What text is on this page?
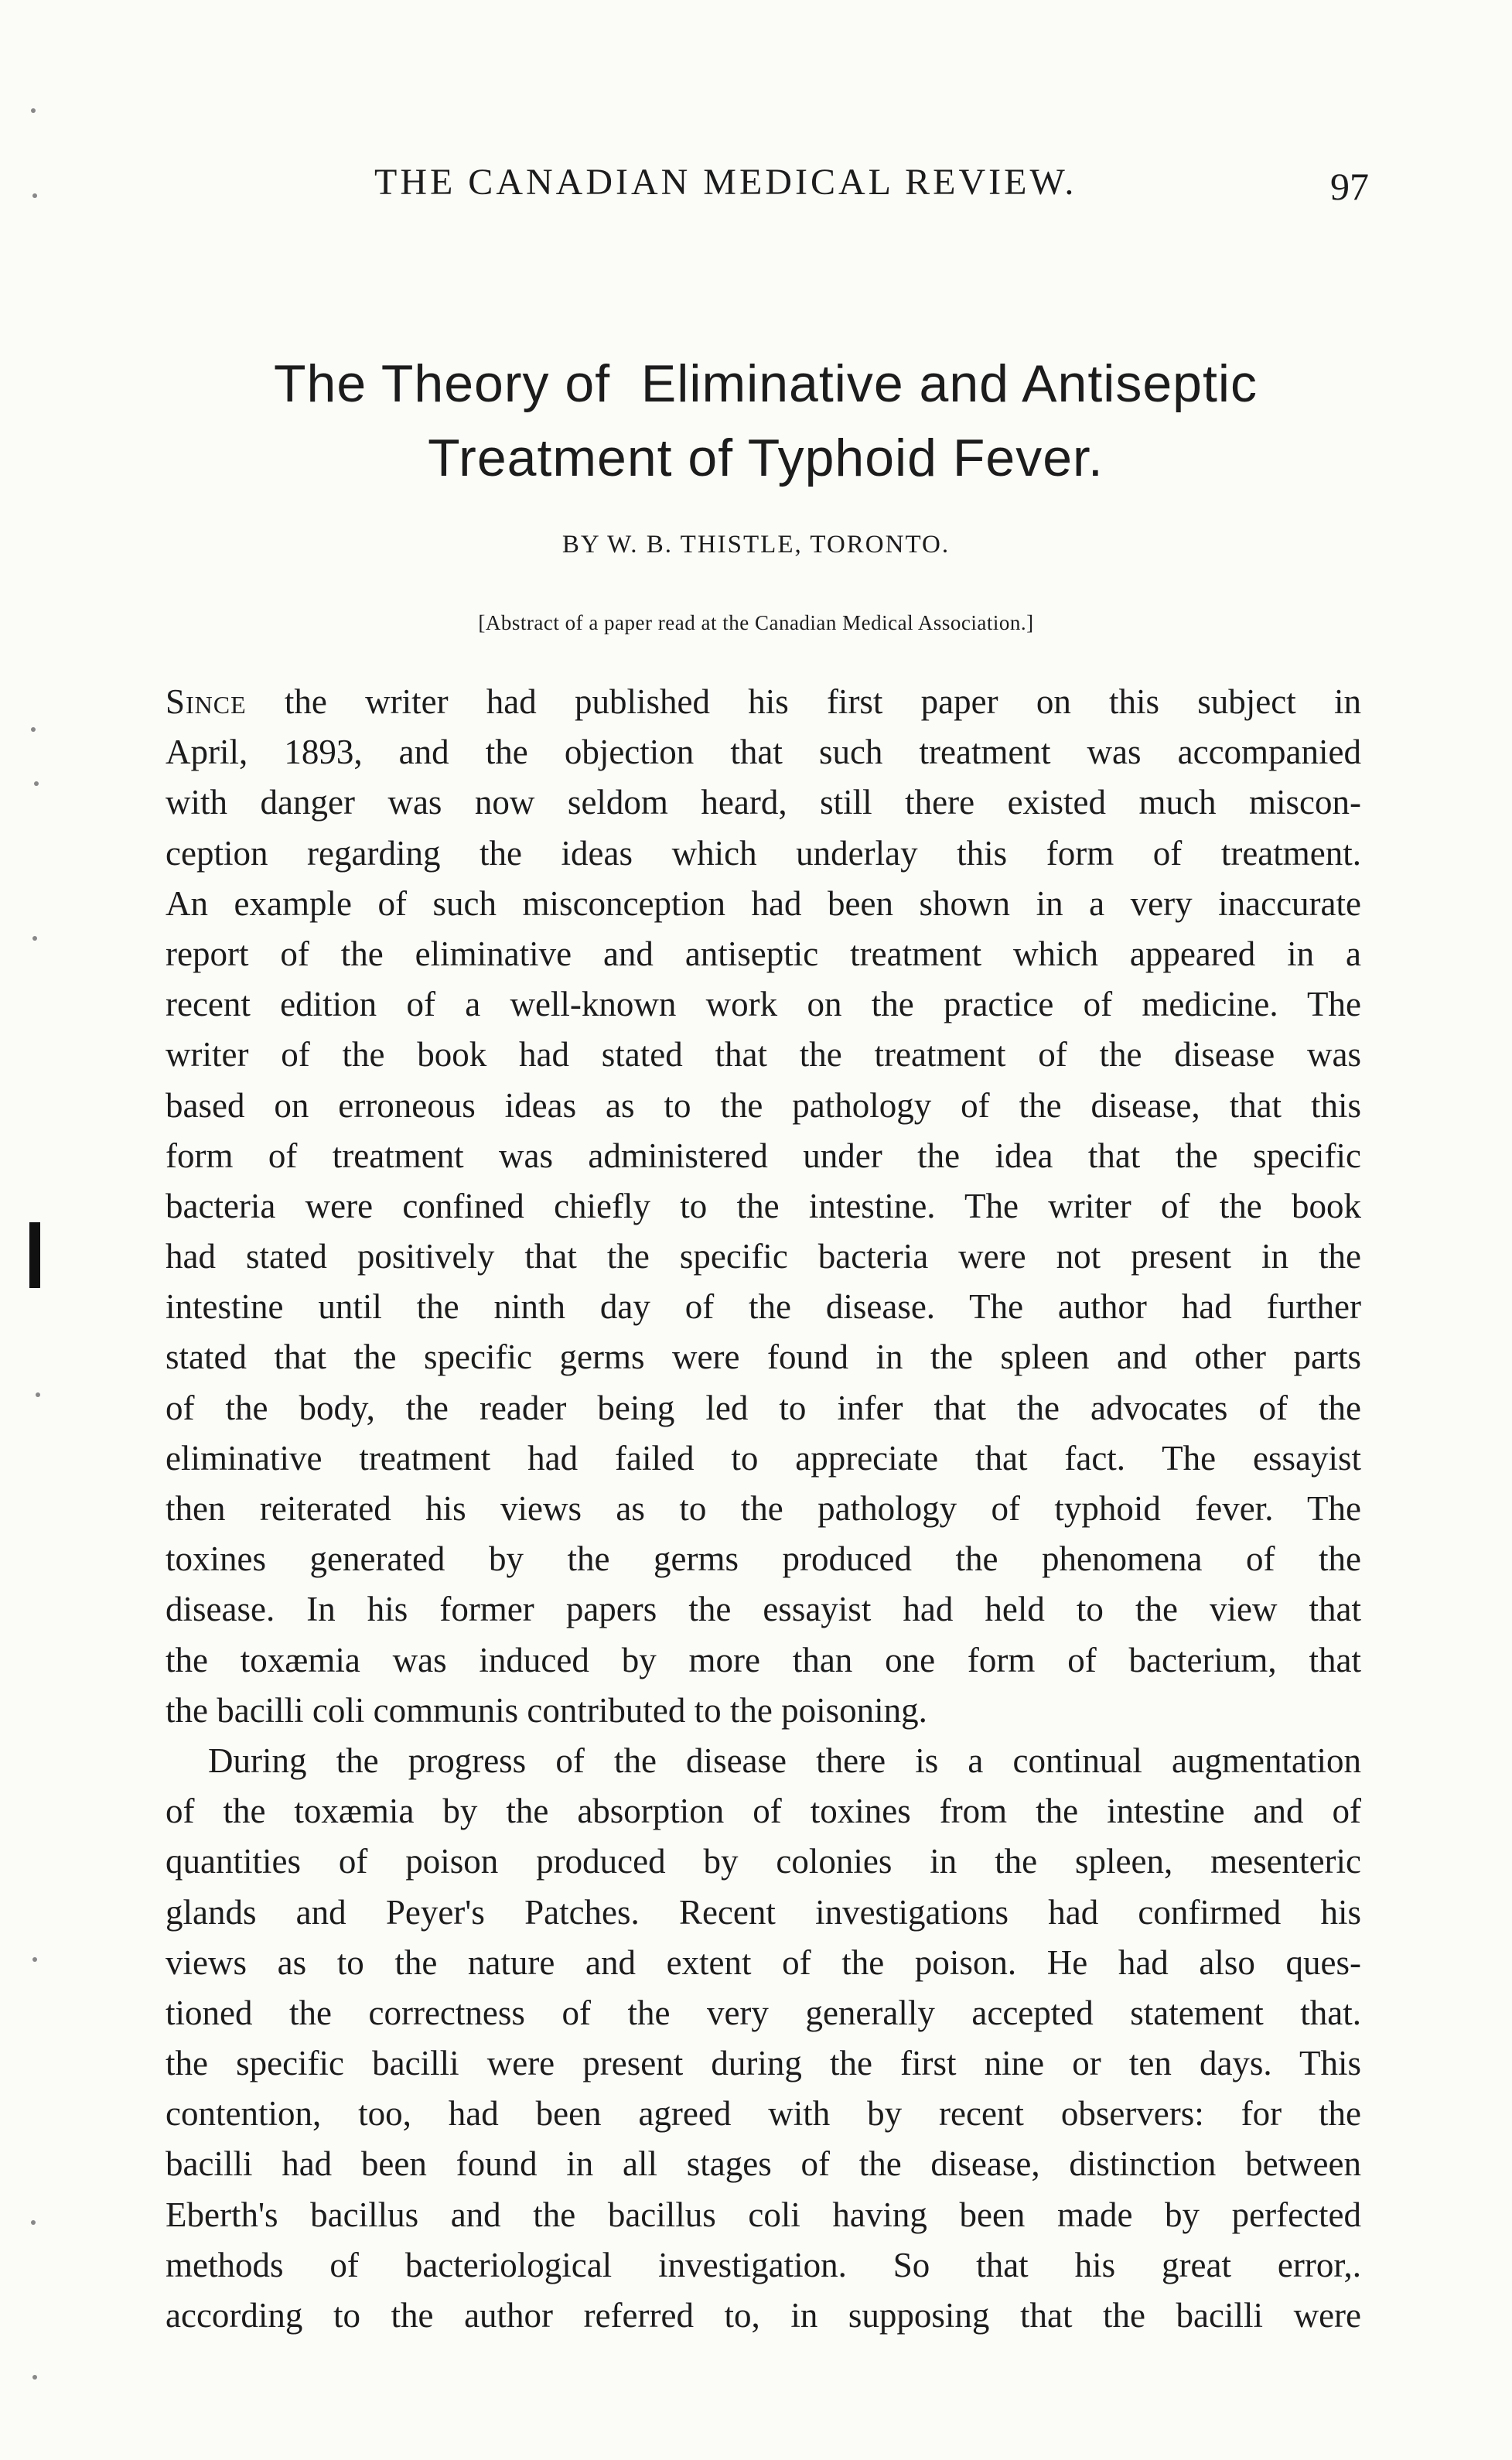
THE CANADIAN MEDICAL REVIEW.	97
The Theory of  Eliminative and Antiseptic
Treatment of Typhoid Fever.
BY W. B. THISTLE, TORONTO.
[Abstract of a paper read at the Canadian Medical Association.]
Since the writer had published his first paper on this subject in
April, 1893, and the objection that such treatment was accompanied
with danger was now seldom heard, still there existed much miscon-
ception regarding the ideas which underlay this form of treatment.
An example of such misconception had been shown in a very inaccurate
report of the eliminative and antiseptic treatment which appeared in a
recent edition of a well-known work on the practice of medicine. The
writer of the book had stated that the treatment of the disease was
based on erroneous ideas as to the pathology of the disease, that this
form of treatment was administered under the idea that the specific
bacteria were confined chiefly to the intestine. The writer of the book
had stated positively that the specific bacteria were not present in the
intestine until the ninth day of the disease. The author had further
stated that the specific germs were found in the spleen and other parts
of the body, the reader being led to infer that the advocates of the
eliminative treatment had failed to appreciate that fact. The essayist
then reiterated his views as to the pathology of typhoid fever. The
toxines generated by the germs produced the phenomena of the
disease. In his former papers the essayist had held to the view that
the toxæmia was induced by more than one form of bacterium, that
the bacilli coli communis contributed to the poisoning.
During the progress of the disease there is a continual augmentation
of the toxæmia by the absorption of toxines from the intestine and of
quantities of poison produced by colonies in the spleen, mesenteric
glands and Peyer's Patches. Recent investigations had confirmed his
views as to the nature and extent of the poison. He had also ques-
tioned the correctness of the very generally accepted statement that.
the specific bacilli were present during the first nine or ten days. This
contention, too, had been agreed with by recent observers: for the
bacilli had been found in all stages of the disease, distinction between
Eberth's bacillus and the bacillus coli having been made by perfected
methods of bacteriological investigation. So that his great error,.
according to the author referred to, in supposing that the bacilli were
